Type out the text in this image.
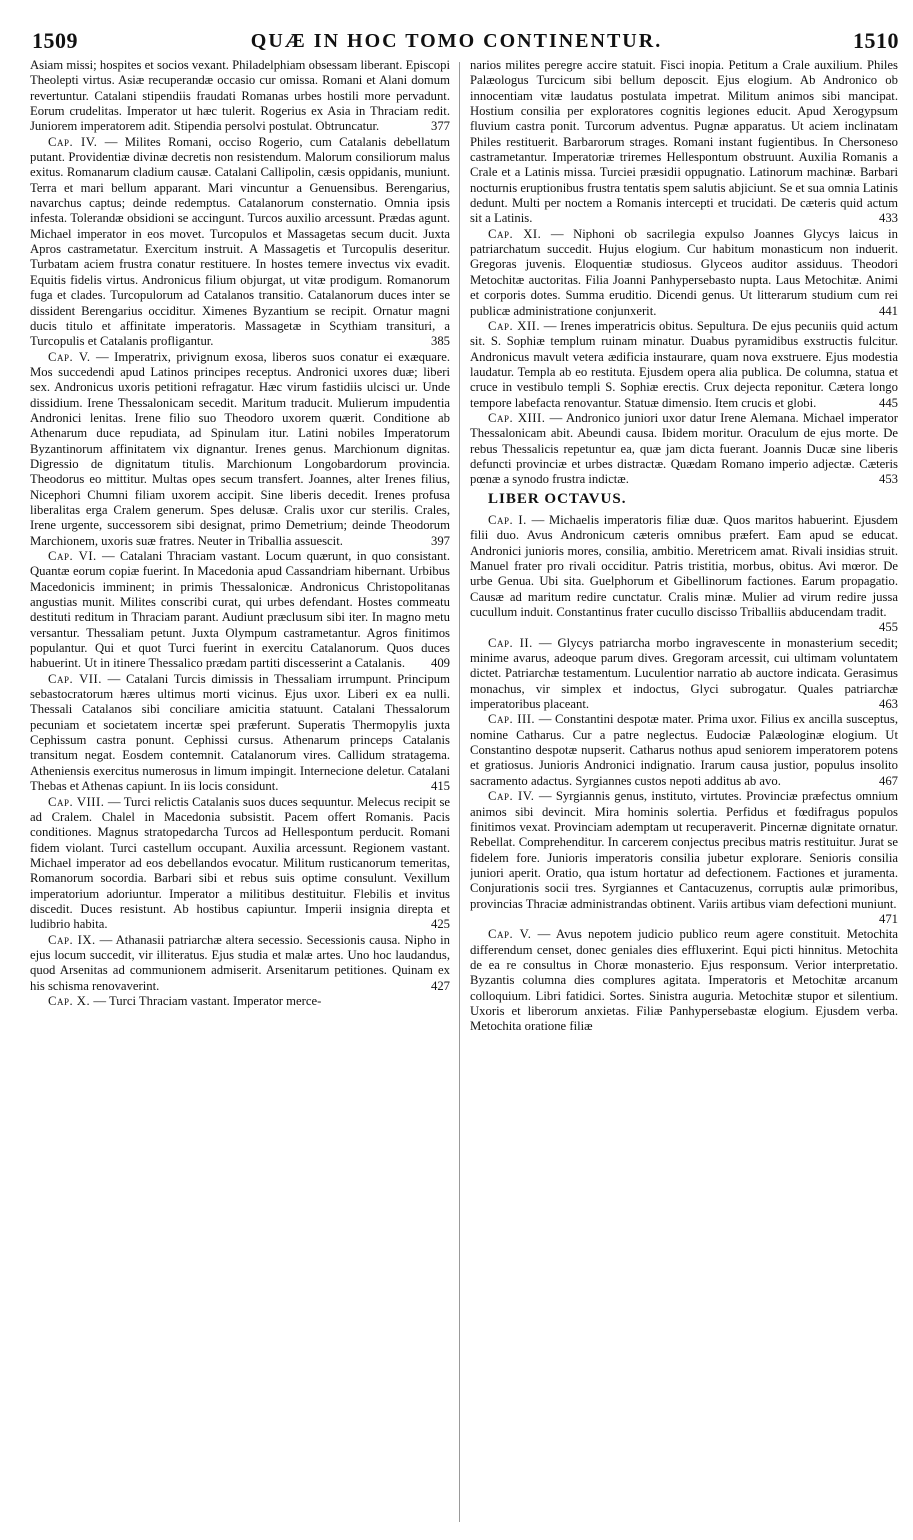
1509	QUÆ IN HOC TOMO CONTINENTUR.	1510

Asiam missi; hospites et socios vexant. Philadelphiam obsessam liberant. Episcopi Theolepti virtus. Asiæ recuperandæ occasio cur omissa. Romani et Alani domum revertuntur. Catalani stipendiis fraudati Romanas urbes hostili more pervadunt. Eorum crudelitas. Imperator ut hæc tulerit. Rogerius ex Asia in Thraciam redit. Juniorem imperatorem adit. Stipendia persolvi postulat. Obtruncatur.	377

Cap. IV. — Milites Romani, occiso Rogerio, cum Catalanis debellatum putant. Providentiæ divinæ decretis non resistendum. Malorum consiliorum malus exitus. Romanarum cladium causæ. Catalani Callipolin, cæsis oppidanis, muniunt. Terra et mari bellum apparant. Mari vincuntur a Genuensibus. Berengarius, navarchus captus; deinde redemptus. Catalanorum consternatio. Omnia ipsis infesta. Tolerandæ obsidioni se accingunt. Turcos auxilio arcessunt. Prædas agunt. Michael imperator in eos movet. Turcopulos et Massagetas secum ducit. Juxta Apros castrametatur. Exercitum instruit. A Massagetis et Turcopulis deseritur. Turbatam aciem frustra conatur restituere. In hostes temere invectus vix evadit. Equitis fidelis virtus. Andronicus filium objurgat, ut vitæ prodigum. Romanorum fuga et clades. Turcopulorum ad Catalanos transitio. Catalanorum duces inter se dissident Berengarius occiditur. Ximenes Byzantium se recipit. Ornatur magni ducis titulo et affinitate imperatoris. Massagetæ in Scythiam transituri, a Turcopulis et Catalanis profligantur.	385

Cap. V. — Imperatrix, privignum exosa, liberos suos conatur ei exæquare. Mos succedendi apud Latinos principes receptus. Andronici uxores duæ; liberi sex. Andronicus uxoris petitioni refragatur. Hæc virum fastidiis ulcisci ur. Unde dissidium. Irene Thessalonicam secedit. Maritum traducit. Mulierum impudentia Andronici lenitas. Irene filio suo Theodoro uxorem quærit. Conditione ab Athenarum duce repudiata, ad Spinulam itur. Latini nobiles Imperatorum Byzantinorum affinitatem vix dignantur. Irenes genus. Marchionum dignitas. Digressio de dignitatum titulis. Marchionum Longobardorum provincia. Theodorus eo mittitur. Multas opes secum transfert. Joannes, alter Irenes filius, Nicephori Chumni filiam uxorem accipit. Sine liberis decedit. Irenes profusa liberalitas erga Cralem generum. Spes delusæ. Cralis uxor cur sterilis. Crales, Irene urgente, successorem sibi designat, primo Demetrium; deinde Theodorum Marchionem, uxoris suæ fratres. Neuter in Triballia assuescit.	397

Cap. VI. — Catalani Thraciam vastant. Locum quærunt, in quo consistant. Quantæ eorum copiæ fuerint. In Macedonia apud Cassandriam hibernant. Urbibus Macedonicis imminent; in primis Thessalonicæ. Andronicus Christopolitanas angustias munit. Milites conscribi curat, qui urbes defendant. Hostes commeatu destituti reditum in Thraciam parant. Audiunt præclusum sibi iter. In magno metu versantur. Thessaliam petunt. Juxta Olympum castrametantur. Agros finitimos populantur. Qui et quot Turci fuerint in exercitu Catalanorum. Quos duces habuerint. Ut in itinere Thessalico prædam partiti discesserint a Catalanis.	409

Cap. VII. — Catalani Turcis dimissis in Thessaliam irrumpunt. Principum sebastocratorum hæres ultimus morti vicinus. Ejus uxor. Liberi ex ea nulli. Thessali Catalanos sibi conciliare amicitia statuunt. Catalani Thessalorum pecuniam et societatem incertæ spei præferunt. Superatis Thermopylis juxta Cephissum castra ponunt. Cephissi cursus. Athenarum princeps Catalanis transitum negat. Eosdem contemnit. Catalanorum vires. Callidum stratagema. Atheniensis exercitus numerosus in limum impingit. Internecione deletur. Catalani Thebas et Athenas capiunt. In iis locis considunt.	415

Cap. VIII. — Turci relictis Catalanis suos duces sequuntur. Melecus recipit se ad Cralem. Chalel in Macedonia subsistit. Pacem offert Romanis. Pacis conditiones. Magnus stratopedarcha Turcos ad Hellespontum perducit. Romani fidem violant. Turci castellum occupant. Auxilia arcessunt. Regionem vastant. Michael imperator ad eos debellandos evocatur. Militum rusticanorum temeritas, Romanorum socordia. Barbari sibi et rebus suis optime consulunt. Vexillum imperatorium adoriuntur. Imperator a militibus destituitur. Flebilis et invitus discedit. Duces resistunt. Ab hostibus capiuntur. Imperii insignia direpta et ludibrio habita.	425

Cap. IX. — Athanasii patriarchæ altera secessio. Secessionis causa. Nipho in ejus locum succedit, vir illiteratus. Ejus studia et malæ artes. Uno hoc laudandus, quod Arsenitas ad communionem admiserit. Arsenitarum petitiones. Quinam ex his schisma renovaverint.	427

Cap. X. — Turci Thraciam vastant. Imperator merce-

narios milites peregre accire statuit. Fisci inopia. Petitum a Crale auxilium. Philes Palæologus Turcicum sibi bellum deposcit. Ejus elogium. Ab Andronico ob innocentiam vitæ laudatus postulata impetrat. Militum animos sibi mancipat. Hostium consilia per exploratores cognitis legiones educit. Apud Xerogypsum fluvium castra ponit. Turcorum adventus. Pugnæ apparatus. Ut aciem inclinatam Philes restituerit. Barbarorum strages. Romani instant fugientibus. In Chersoneso castrametantur. Imperatoriæ triremes Hellespontum obstruunt. Auxilia Romanis a Crale et a Latinis missa. Turciei præsidii oppugnatio. Latinorum machinæ. Barbari nocturnis eruptionibus frustra tentatis spem salutis abjiciunt. Se et sua omnia Latinis dedunt. Multi per noctem a Romanis intercepti et trucidati. De cæteris quid actum sit a Latinis.	433

Cap. XI. — Niphoni ob sacrilegia expulso Joannes Glycys laicus in patriarchatum succedit. Hujus elogium. Cur habitum monasticum non induerit. Gregoras juvenis. Eloquentiæ studiosus. Glyceos auditor assiduus. Theodori Metochitæ auctoritas. Filia Joanni Panhypersebasto nupta. Laus Metochitæ. Animi et corporis dotes. Summa eruditio. Dicendi genus. Ut litterarum studium cum rei publicæ administratione conjunxerit.	441

Cap. XII. — Irenes imperatricis obitus. Sepultura. De ejus pecuniis quid actum sit. S. Sophiæ templum ruinam minatur. Duabus pyramidibus exstructis fulcitur. Andronicus mavult vetera ædificia instaurare, quam nova exstruere. Ejus modestia laudatur. Templa ab eo restituta. Ejusdem opera alia publica. De columna, statua et cruce in vestibulo templi S. Sophiæ erectis. Crux dejecta reponitur. Cætera longo tempore labefacta renovantur. Statuæ dimensio. Item crucis et globi.	445

Cap. XIII. — Andronico juniori uxor datur Irene Alemana. Michael imperator Thessalonicam abit. Abeundi causa. Ibidem moritur. Oraculum de ejus morte. De rebus Thessalicis repetuntur ea, quæ jam dicta fuerant. Joannis Ducæ sine liberis defuncti provinciæ et urbes distractæ. Quædam Romano imperio adjectæ. Cæteris pœnæ a synodo frustra indictæ.	453

LIBER OCTAVUS.

Cap. I. — Michaelis imperatoris filiæ duæ. Quos maritos habuerint. Ejusdem filii duo. Avus Andronicum cæteris omnibus præfert. Eam apud se educat. Andronici junioris mores, consilia, ambitio. Meretricem amat. Rivali insidias struit. Manuel frater pro rivali occiditur. Patris tristitia, morbus, obitus. Avi mœror. De urbe Genua. Ubi sita. Guelphorum et Gibellinorum factiones. Earum propagatio. Causæ ad maritum redire cunctatur. Cralis minæ. Mulier ad virum redire jussa cucullum induit. Constantinus frater cucullo discisso Triballiis abducendam tradit.
455

Cap. II. — Glycys patriarcha morbo ingravescente in monasterium secedit; minime avarus, adeoque parum dives. Gregoram arcessit, cui ultimam voluntatem dictet. Patriarchæ testamentum. Luculentior narratio ab auctore indicata. Gerasimus monachus, vir simplex et indoctus, Glyci subrogatur. Quales patriarchæ imperatoribus placeant.	463

Cap. III. — Constantini despotæ mater. Prima uxor. Filius ex ancilla susceptus, nomine Catharus. Cur a patre neglectus. Eudociæ Palæologinæ elogium. Ut Constantino despotæ nupserit. Catharus nothus apud seniorem imperatorem potens et gratiosus. Junioris Andronici indignatio. Irarum causa justior, populus insolito sacramento adactus. Syrgiannes custos nepoti additus ab avo.	467

Cap. IV. — Syrgiannis genus, instituto, virtutes. Provinciæ præfectus omnium animos sibi devincit. Mira hominis solertia. Perfidus et fœdifragus populos finitimos vexat. Provinciam ademptam ut recuperaverit. Pincernæ dignitate ornatur. Rebellat. Comprehenditur. In carcerem conjectus precibus matris restituitur. Jurat se fidelem fore. Junioris imperatoris consilia jubetur explorare. Senioris consilia juniori aperit. Oratio, qua istum hortatur ad defectionem. Factiones et juramenta. Conjurationis socii tres. Syrgiannes et Cantacuzenus, corruptis aulæ primoribus, provincias Thraciæ administrandas obtinent. Variis artibus viam defectioni muniunt.
471

Cap. V. — Avus nepotem judicio publico reum agere constituit. Metochita differendum censet, donec geniales dies effluxerint. Equi picti hinnitus. Metochita de ea re consultus in Choræ monasterio. Ejus responsum. Verior interpretatio. Byzantis columna dies complures agitata. Imperatoris et Metochitæ arcanum colloquium. Libri fatidici. Sortes. Sinistra auguria. Metochitæ stupor et silentium. Uxoris et liberorum anxietas. Filiæ Panhypersebastæ elogium. Ejusdem verba. Metochita oratione filiæ
